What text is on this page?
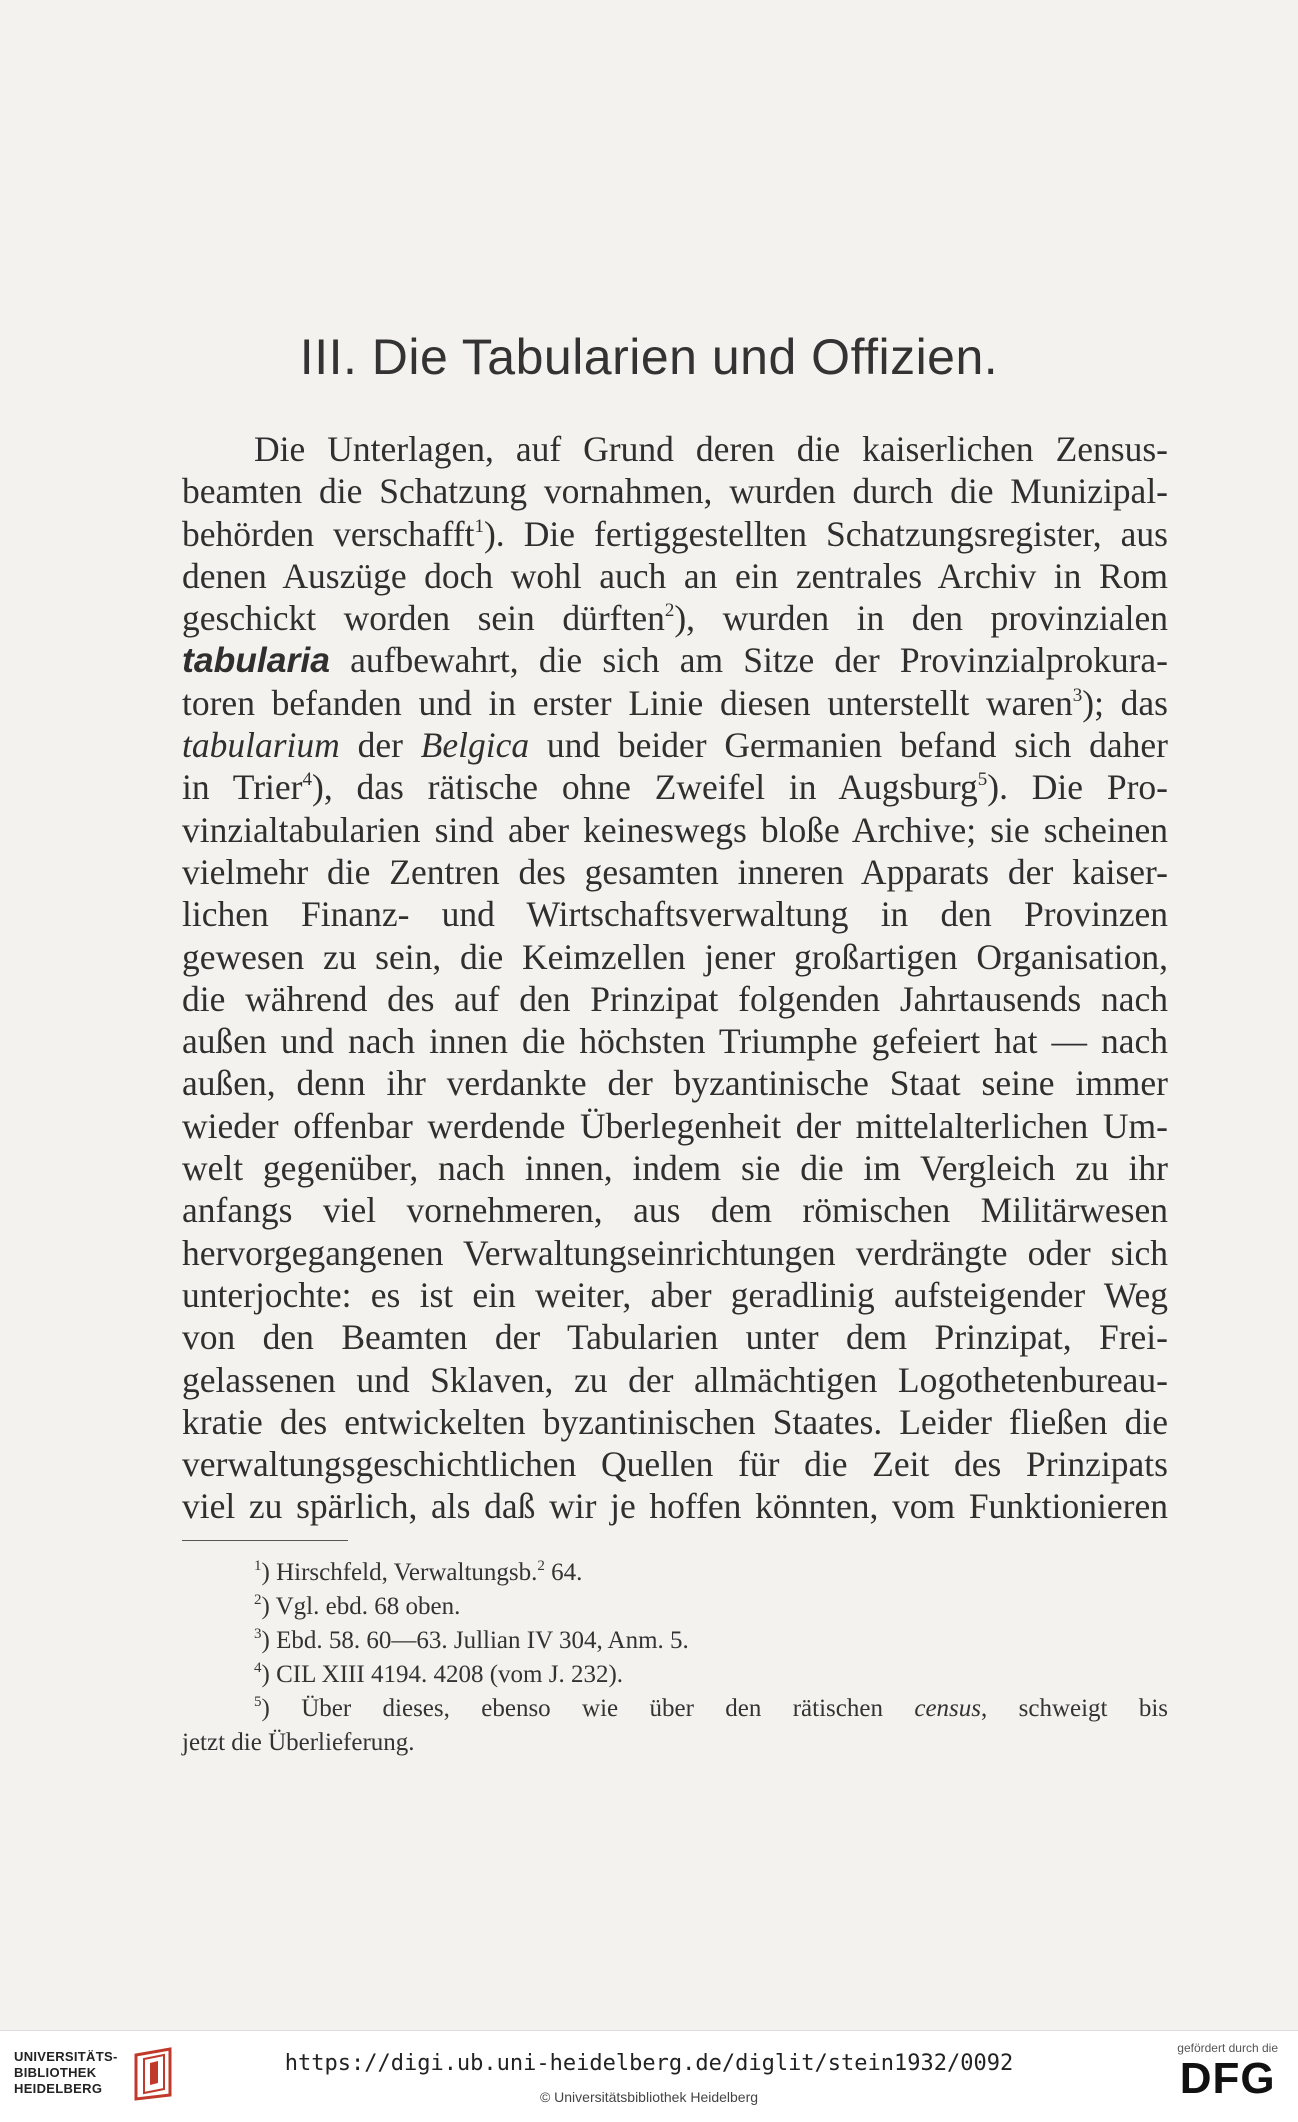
III. Die Tabularien und Offizien.
Die Unterlagen, auf Grund deren die kaiserlichen Zensus-
beamten die Schatzung vornahmen, wurden durch die Munizipal-
behörden verschafft$^1$). Die fertiggestellten Schatzungsregister, aus
denen Auszüge doch wohl auch an ein zentrales Archiv in Rom
geschickt worden sein dürften$^2$), wurden in den provinzialen
tabularia aufbewahrt, die sich am Sitze der Provinzialprokura-
toren befanden und in erster Linie diesen unterstellt waren$^3$); das
tabularium der Belgica und beider Germanien befand sich daher
in Trier$^4$), das rätische ohne Zweifel in Augsburg$^5$). Die Pro-
vinzialtabularien sind aber keineswegs bloße Archive; sie scheinen
vielmehr die Zentren des gesamten inneren Apparats der kaiser-
lichen Finanz- und Wirtschaftsverwaltung in den Provinzen
gewesen zu sein, die Keimzellen jener großartigen Organisation,
die während des auf den Prinzipat folgenden Jahrtausends nach
außen und nach innen die höchsten Triumphe gefeiert hat — nach
außen, denn ihr verdankte der byzantinische Staat seine immer
wieder offenbar werdende Überlegenheit der mittelalterlichen Um-
welt gegenüber, nach innen, indem sie die im Vergleich zu ihr
anfangs viel vornehmeren, aus dem römischen Militärwesen
hervorgegangenen Verwaltungseinrichtungen verdrängte oder sich
unterjochte: es ist ein weiter, aber geradlinig aufsteigender Weg
von den Beamten der Tabularien unter dem Prinzipat, Frei-
gelassenen und Sklaven, zu der allmächtigen Logothetenbureau-
kratie des entwickelten byzantinischen Staates. Leider fließen die
verwaltungsgeschichtlichen Quellen für die Zeit des Prinzipats
viel zu spärlich, als daß wir je hoffen könnten, vom Funktionieren
$^1$) Hirschfeld, Verwaltungsb.$^2$ 64.
$^2$) Vgl. ebd. 68 oben.
$^3$) Ebd. 58. 60—63. Jullian IV 304, Anm. 5.
$^4$) CIL XIII 4194. 4208 (vom J. 232).
$^5$) Über dieses, ebenso wie über den rätischen census, schweigt bis
jetzt die Überlieferung.
UNIVERSITÄTS-
BIBLIOTHEK
HEIDELBERG
https://digi.ub.uni-heidelberg.de/diglit/stein1932/0092
© Universitätsbibliothek Heidelberg
gefördert durch die
DFG
